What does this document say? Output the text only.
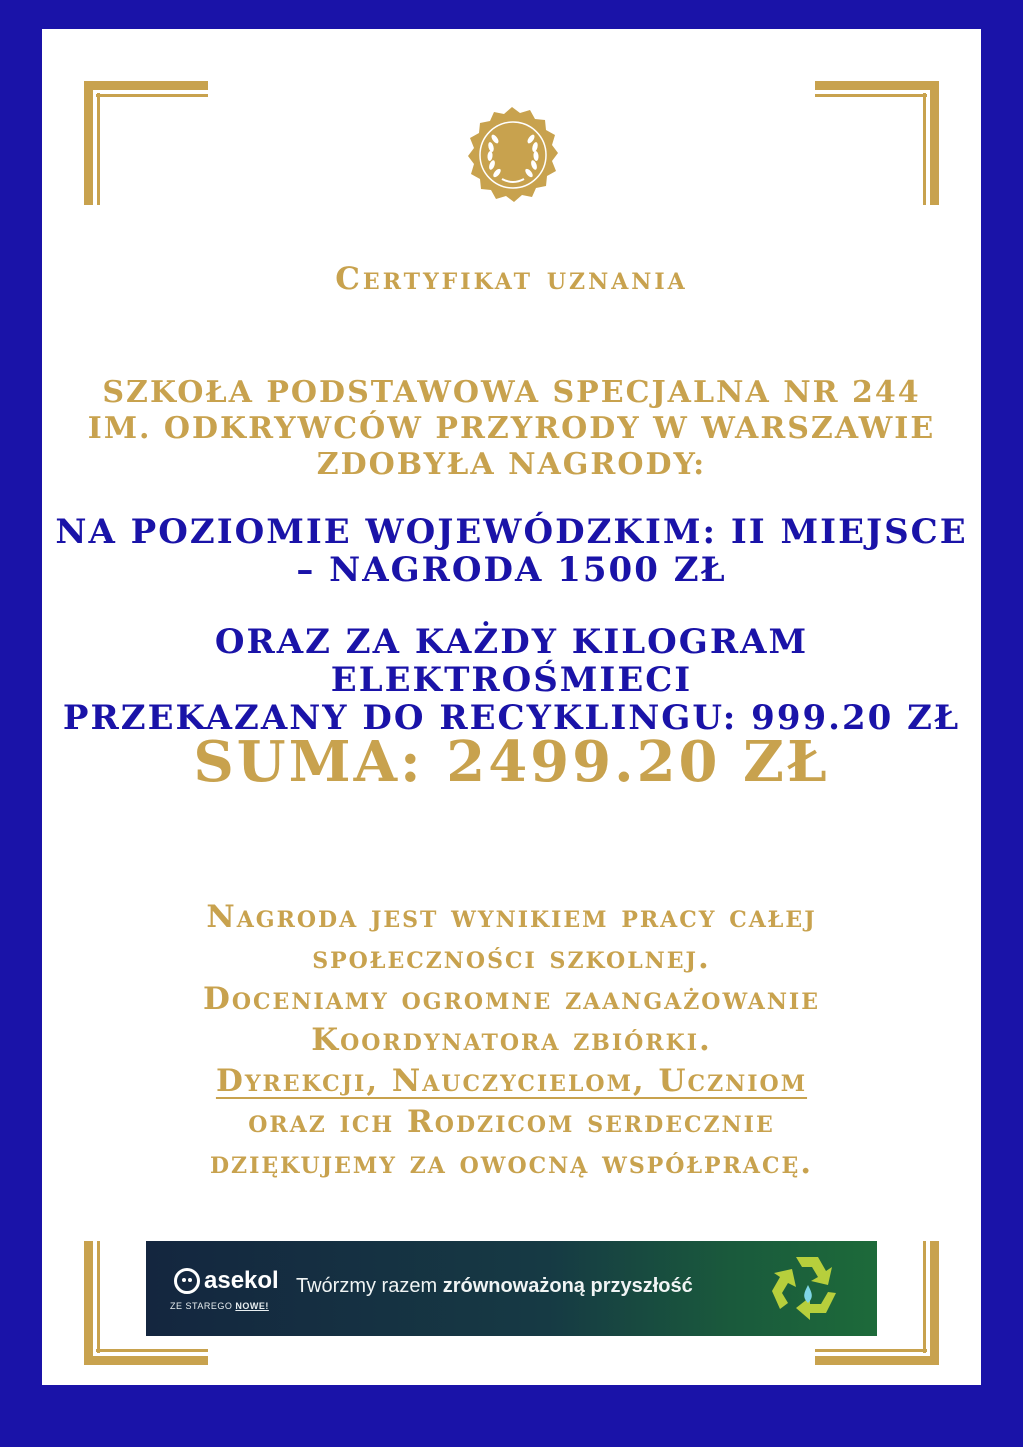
Certyfikat uznania
SZKOŁA PODSTAWOWA SPECJALNA NR 244
IM. ODKRYWCÓW PRZYRODY W WARSZAWIE
ZDOBYŁA NAGRODY:
NA POZIOMIE WOJEWÓDZKIM: II MIEJSCE
– NAGRODA 1500 ZŁ
ORAZ ZA KAŻDY KILOGRAM ELEKTROŚMIECI
PRZEKAZANY DO RECYKLINGU: 999.20 ZŁ
SUMA: 2499.20 ZŁ
Nagroda jest wynikiem pracy całej
społeczności szkolnej.
Doceniamy ogromne zaangażowanie
Koordynatora zbiórki.
Dyrekcji, Nauczycielom, Uczniom
oraz ich Rodzicom serdecznie
dziękujemy za owocną współpracę.
asekol
ZE STAREGO NOWE!
Twórzmy razem zrównoważoną przyszłość
